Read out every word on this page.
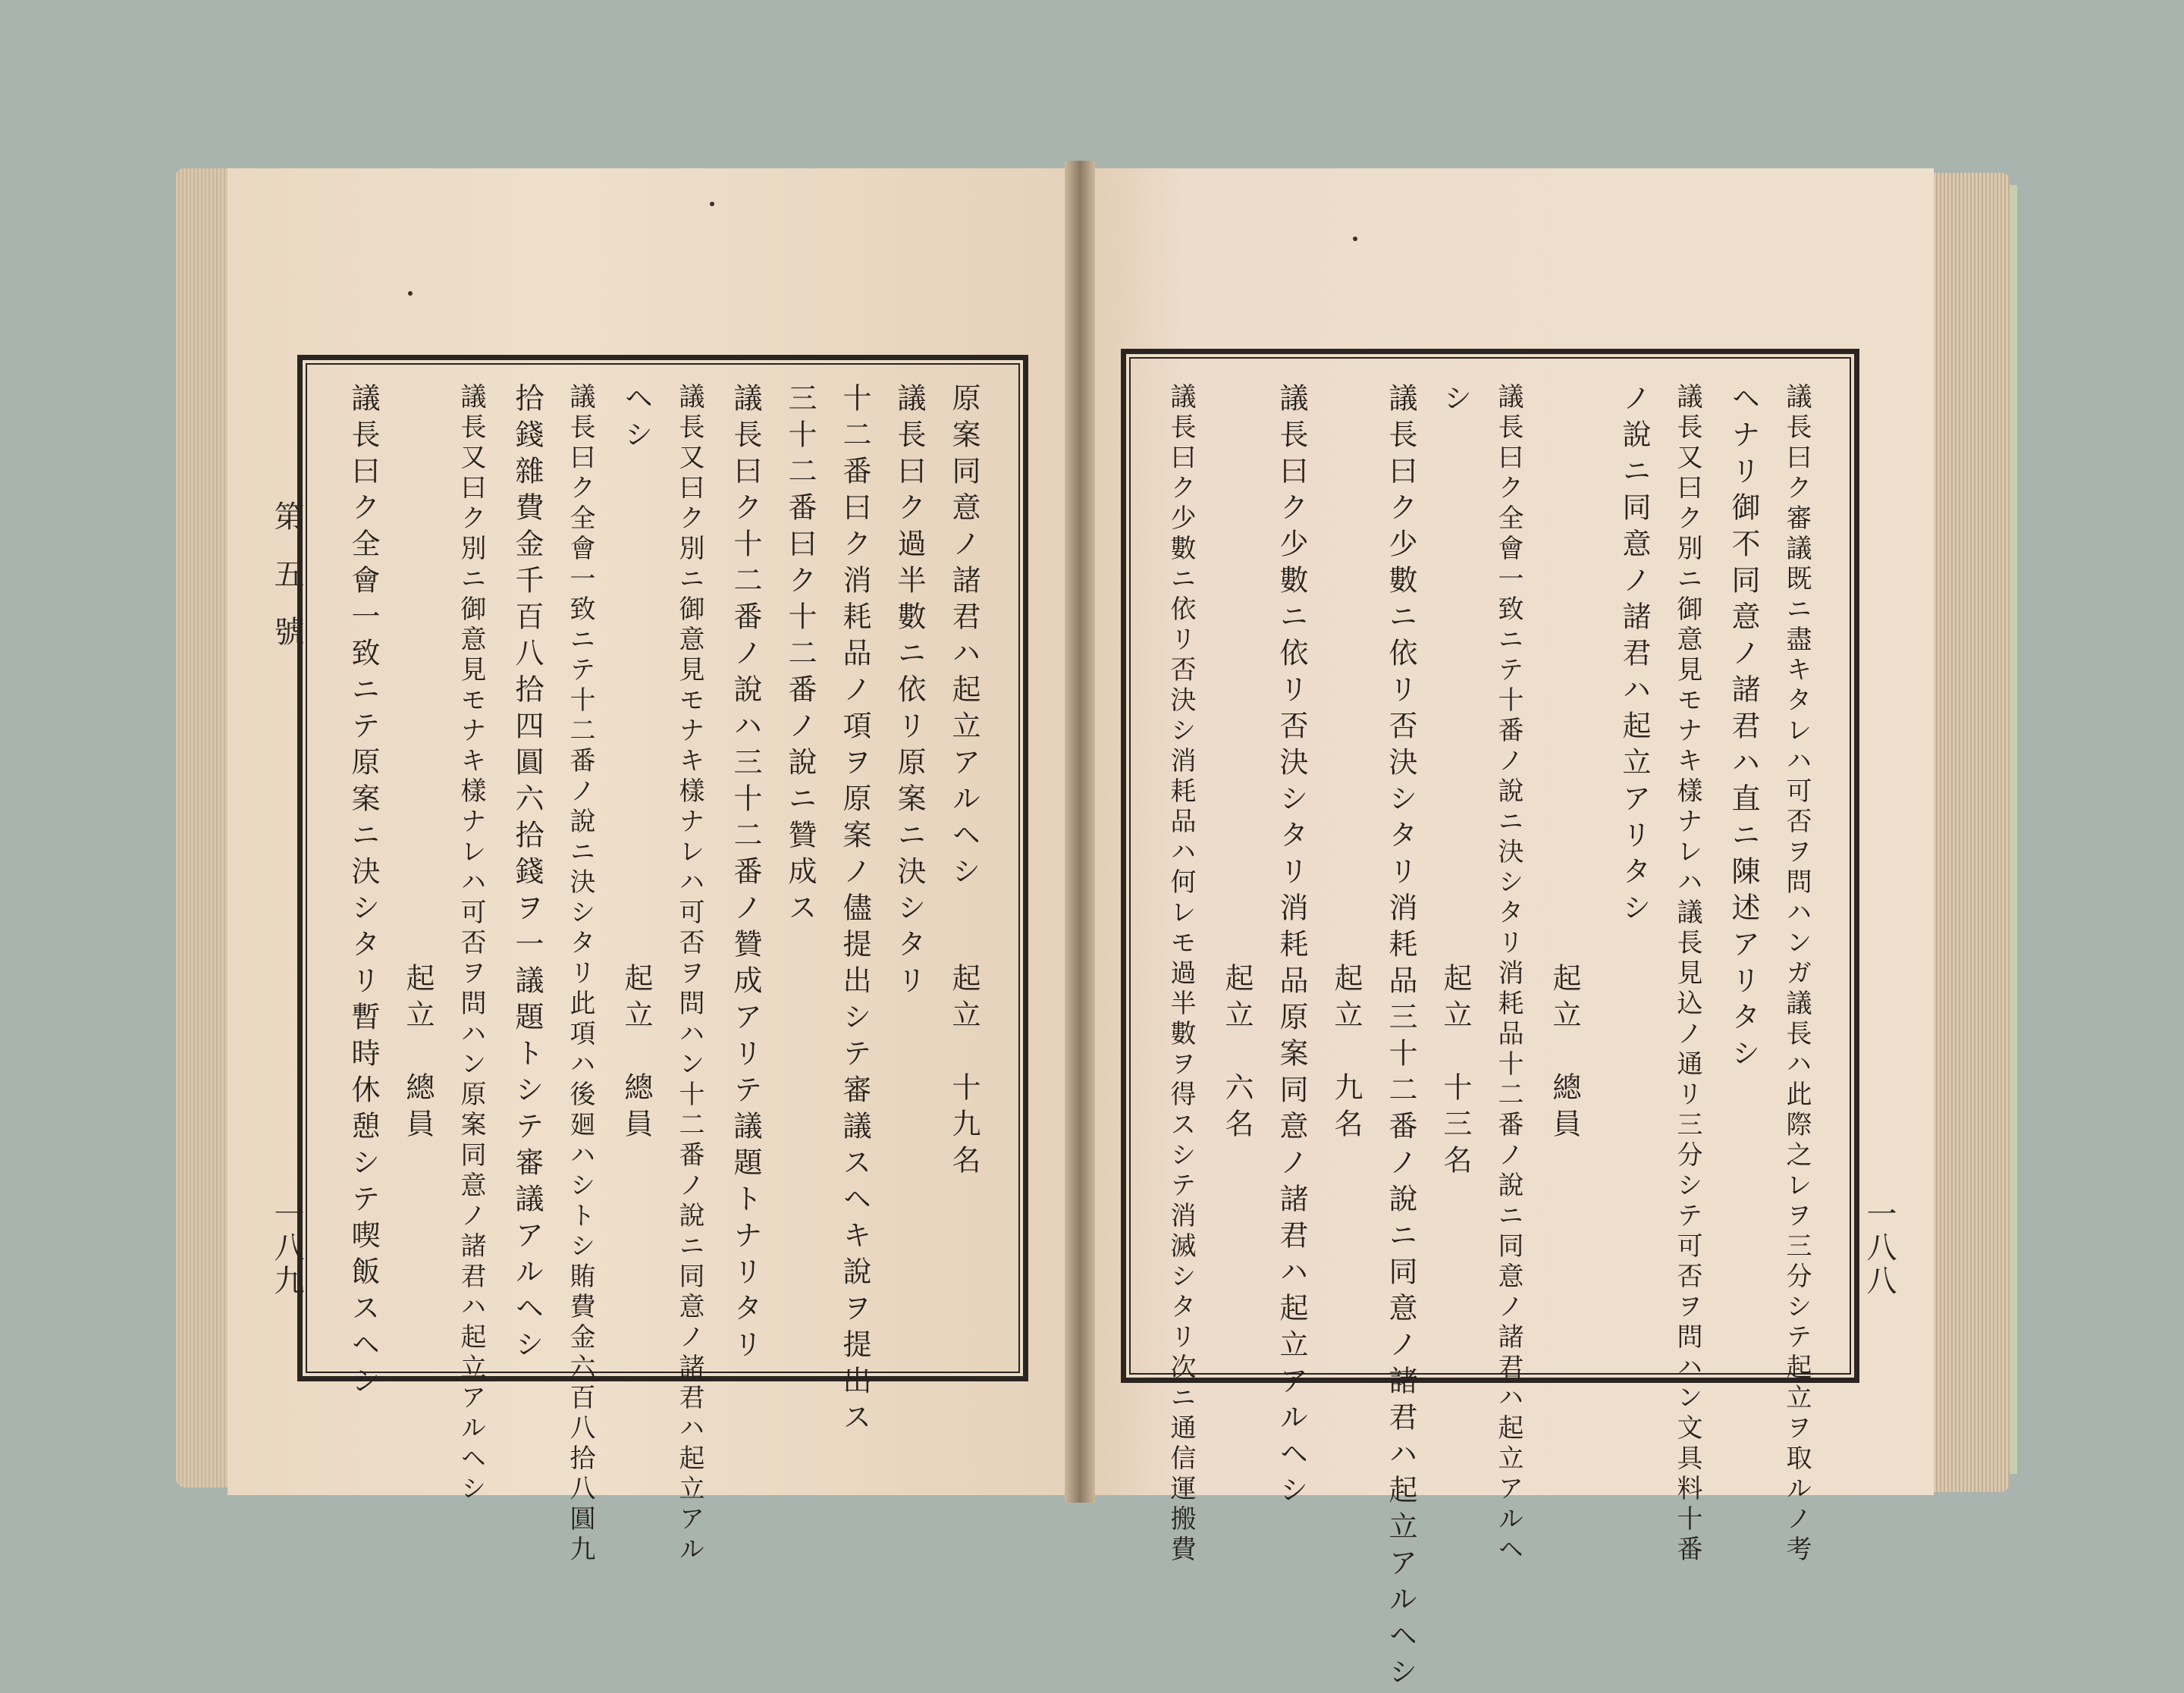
原案同意ノ諸君ハ起立アルヘシ
起立　十九名
議長曰ク過半數ニ依リ原案ニ決シタリ
十二番曰ク消耗品ノ項ヲ原案ノ儘提出シテ審議スヘキ說ヲ提出ス
三十二番曰ク十二番ノ說ニ贊成ス
議長曰ク十二番ノ說ハ三十二番ノ贊成アリテ議題トナリタリ
議長又曰ク別ニ御意見モナキ樣ナレハ可否ヲ問ハン十二番ノ說ニ同意ノ諸君ハ起立アル
ヘシ
起立　總員
議長曰ク全會一致ニテ十二番ノ說ニ決シタリ此項ハ後廻ハシトシ賄費金六百八拾八圓九
拾錢雜費金千百八拾四圓六拾錢ヲ一議題トシテ審議アルヘシ
議長又曰ク別ニ御意見モナキ樣ナレハ可否ヲ問ハン原案同意ノ諸君ハ起立アルヘシ
起立　總員
議長曰ク全會一致ニテ原案ニ決シタリ暫時休憩シテ喫飯スヘシ
第五號
一八九	議長曰ク審議既ニ盡キタレハ可否ヲ問ハンガ議長ハ此際之レヲ三分シテ起立ヲ取ルノ考
ヘナリ御不同意ノ諸君ハ直ニ陳述アリタシ
議長又曰ク別ニ御意見モナキ樣ナレハ議長見込ノ通リ三分シテ可否ヲ問ハン文具料十番
ノ說ニ同意ノ諸君ハ起立アリタシ
起立　總員
議長曰ク全會一致ニテ十番ノ說ニ決シタリ消耗品十二番ノ說ニ同意ノ諸君ハ起立アルヘ
シ
起立　十三名
議長曰ク少數ニ依リ否決シタリ消耗品三十二番ノ說ニ同意ノ諸君ハ起立アルヘシ
起立　九名
議長曰ク少數ニ依リ否決シタリ消耗品原案同意ノ諸君ハ起立アルヘシ
起立　六名
議長曰ク少數ニ依リ否決シ消耗品ハ何レモ過半數ヲ得スシテ消滅シタリ次ニ通信運搬費	一八八
